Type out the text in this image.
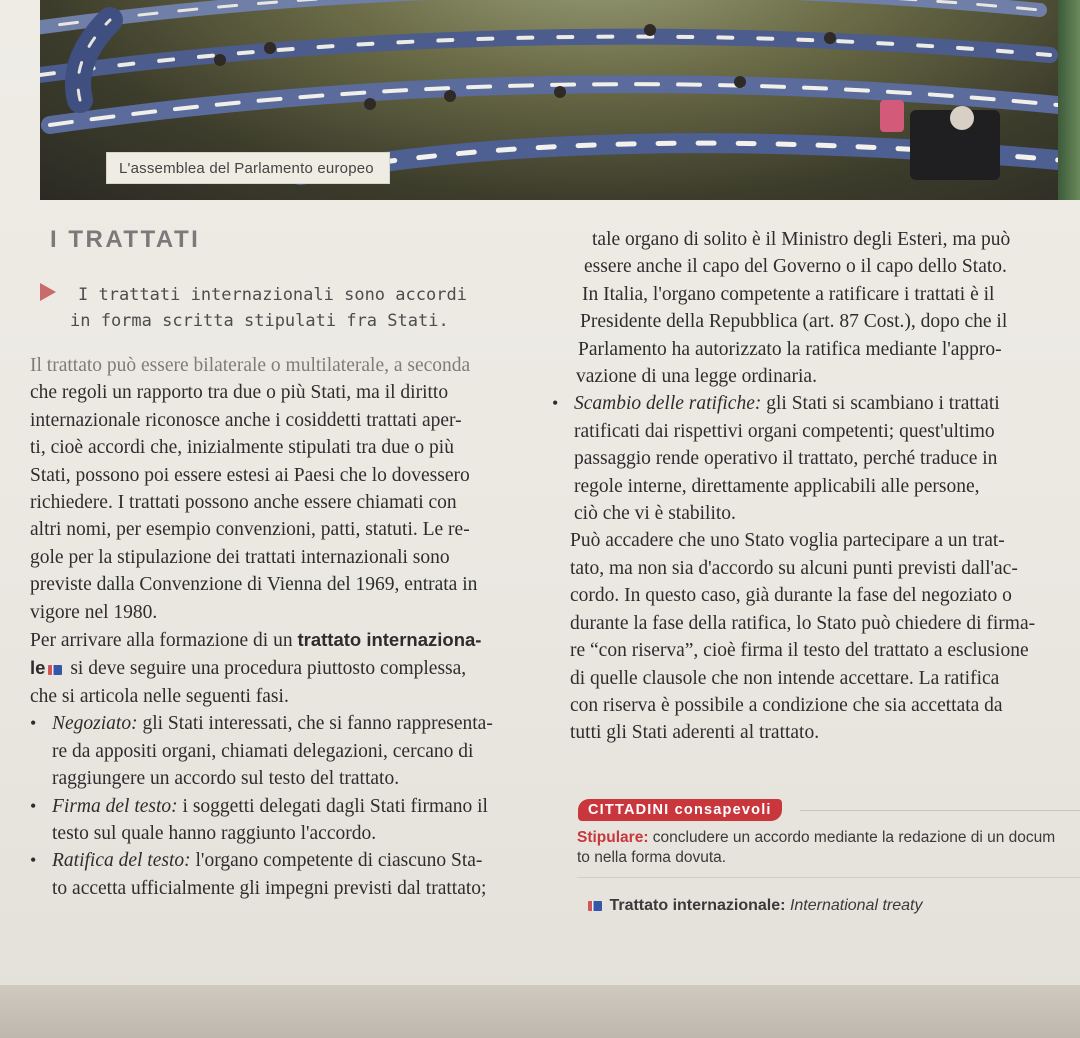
L'assemblea del Parlamento europeo
I TRATTATI
I trattati internazionali sono accordi
in forma scritta stipulati fra Stati.

Il trattato può essere bilaterale o multilaterale, a seconda
che regoli un rapporto tra due o più Stati, ma il diritto
internazionale riconosce anche i cosiddetti trattati aper-
ti, cioè accordi che, inizialmente stipulati tra due o più
Stati, possono poi essere estesi ai Paesi che lo dovessero
richiedere. I trattati possono anche essere chiamati con
altri nomi, per esempio convenzioni, patti, statuti. Le re-
gole per la stipulazione dei trattati internazionali sono
previste dalla Convenzione di Vienna del 1969, entrata in
vigore nel 1980.

Per arrivare alla formazione di un trattato internaziona-
le si deve seguire una procedura piuttosto complessa,
che si articola nelle seguenti fasi.

• Negoziato: gli Stati interessati, che si fanno rappresenta-
re da appositi organi, chiamati delegazioni, cercano di
raggiungere un accordo sul testo del trattato.
• Firma del testo: i soggetti delegati dagli Stati firmano il
testo sul quale hanno raggiunto l'accordo.
• Ratifica del testo: l'organo competente di ciascuno Sta-
to accetta ufficialmente gli impegni previsti dal trattato;
tale organo di solito è il Ministro degli Esteri, ma può
essere anche il capo del Governo o il capo dello Stato.
In Italia, l'organo competente a ratificare i trattati è il
Presidente della Repubblica (art. 87 Cost.), dopo che il
Parlamento ha autorizzato la ratifica mediante l'appro-
vazione di una legge ordinaria.
• Scambio delle ratifiche: gli Stati si scambiano i trattati
ratificati dai rispettivi organi competenti; quest'ultimo
passaggio rende operativo il trattato, perché traduce in
regole interne, direttamente applicabili alle persone,
ciò che vi è stabilito.
Può accadere che uno Stato voglia partecipare a un trat-
tato, ma non sia d'accordo su alcuni punti previsti dall'ac-
cordo. In questo caso, già durante la fase del negoziato o
durante la fase della ratifica, lo Stato può chiedere di firma-
re “con riserva”, cioè firma il testo del trattato a esclusione
di quelle clausole che non intende accettare. La ratifica
con riserva è possibile a condizione che sia accettata da
tutti gli Stati aderenti al trattato.
CITTADINI consapevoli
Stipulare: concludere un accordo mediante la redazione di un docum
to nella forma dovuta.
Trattato internazionale: International treaty
